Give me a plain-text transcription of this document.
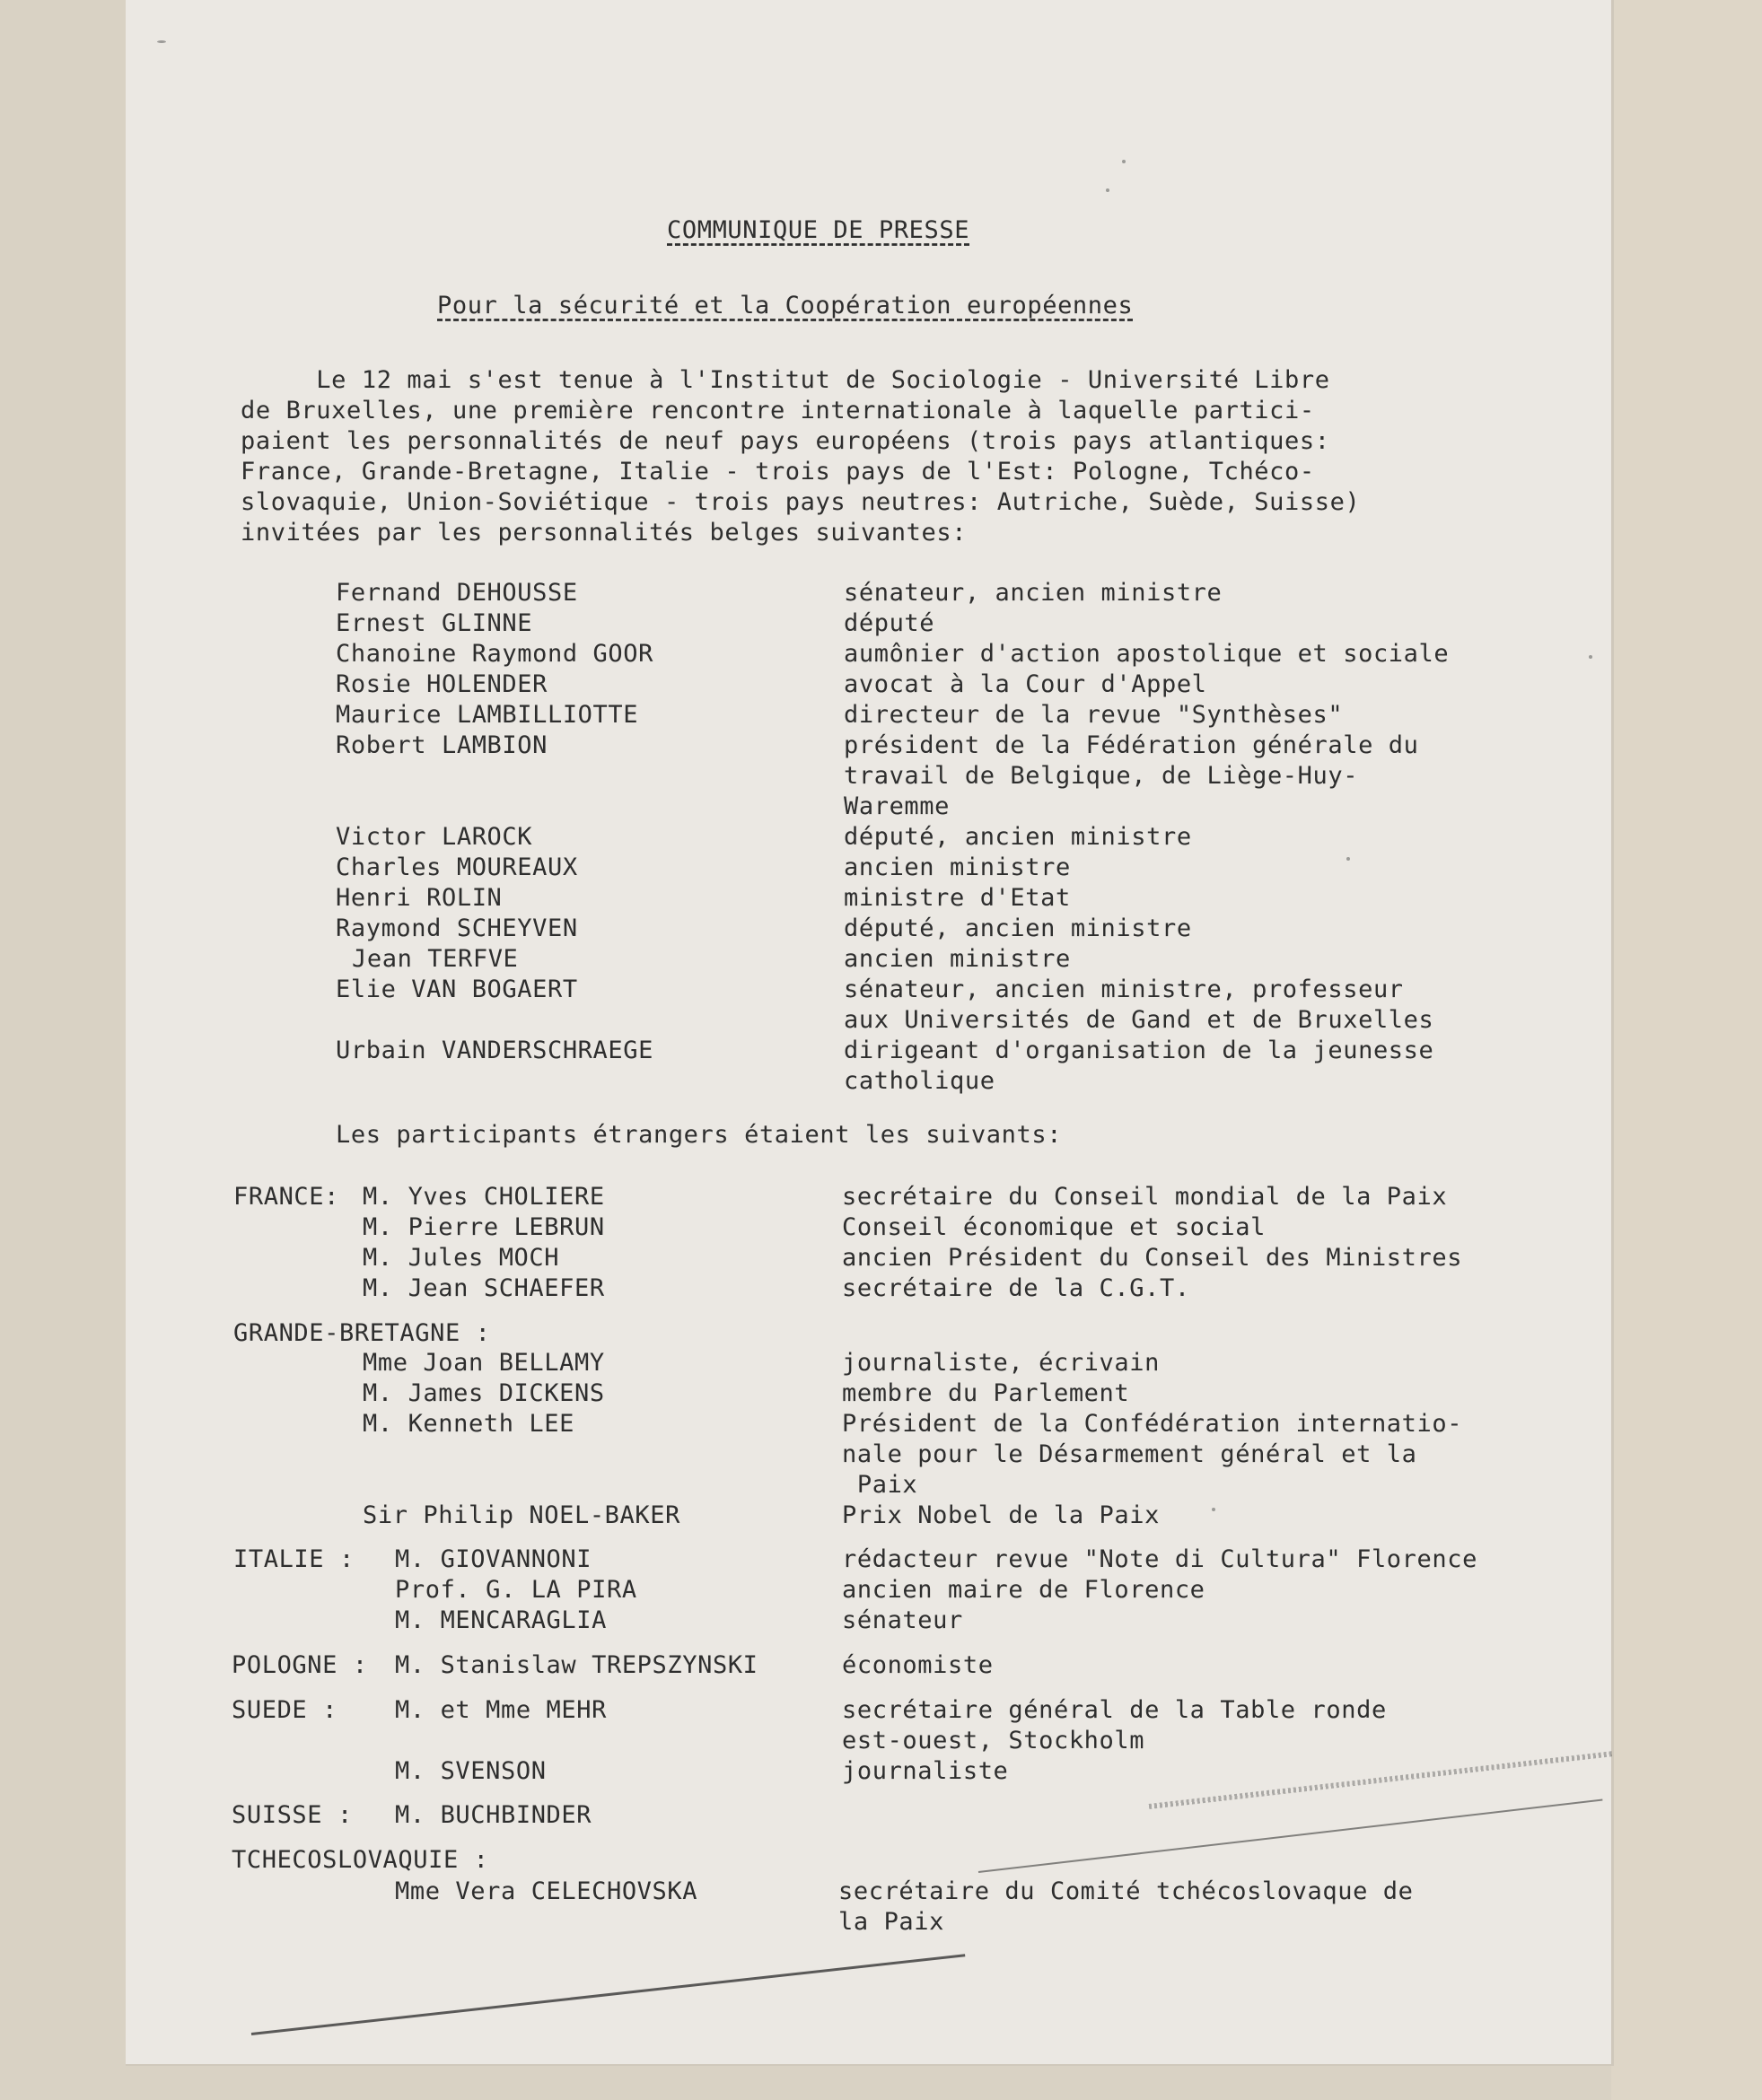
COMMUNIQUE DE PRESSE
Pour la sécurité et la Coopération européennes
Le 12 mai s'est tenue à l'Institut de Sociologie - Université Libre
de Bruxelles, une première rencontre internationale à laquelle partici-
paient les personnalités de neuf pays européens (trois pays atlantiques:
France, Grande-Bretagne, Italie - trois pays de l'Est: Pologne, Tchéco-
slovaquie, Union-Soviétique - trois pays neutres: Autriche, Suède, Suisse)
invitées par les personnalités belges suivantes:
Fernand DEHOUSSE	sénateur, ancien ministre
Ernest GLINNE	député
Chanoine Raymond GOOR	aumônier d'action apostolique et sociale
Rosie HOLENDER	avocat à la Cour d'Appel
Maurice LAMBILLIOTTE	directeur de la revue "Synthèses"
Robert LAMBION	président de la Fédération générale du
travail de Belgique, de Liège-Huy-
Waremme
Victor LAROCK	député, ancien ministre
Charles MOUREAUX	ancien ministre
Henri ROLIN	ministre d'Etat
Raymond SCHEYVEN	député, ancien ministre
Jean TERFVE	ancien ministre
Elie VAN BOGAERT	sénateur, ancien ministre, professeur
aux Universités de Gand et de Bruxelles
Urbain VANDERSCHRAEGE	dirigeant d'organisation de la jeunesse
catholique
Les participants étrangers étaient les suivants:
FRANCE: M. Yves CHOLIERE	secrétaire du Conseil mondial de la Paix
M. Pierre LEBRUN	Conseil économique et social
M. Jules MOCH	ancien Président du Conseil des Ministres
M. Jean SCHAEFER	secrétaire de la C.G.T.
GRANDE-BRETAGNE :
Mme Joan BELLAMY	journaliste, écrivain
M. James DICKENS	membre du Parlement
M. Kenneth LEE	Président de la Confédération internatio-
nale pour le Désarmement général et la
Paix
Sir Philip NOEL-BAKER	Prix Nobel de la Paix
ITALIE : M. GIOVANNONI	rédacteur revue "Note di Cultura" Florence
Prof. G. LA PIRA	ancien maire de Florence
M. MENCARAGLIA	sénateur
POLOGNE : M. Stanislaw TREPSZYNSKI	économiste
SUEDE : M. et Mme MEHR	secrétaire général de la Table ronde
est-ouest, Stockholm
M. SVENSON	journaliste
SUISSE : M. BUCHBINDER
TCHECOSLOVAQUIE :
Mme Vera CELECHOVSKA	secrétaire du Comité tchécoslovaque de
la Paix
